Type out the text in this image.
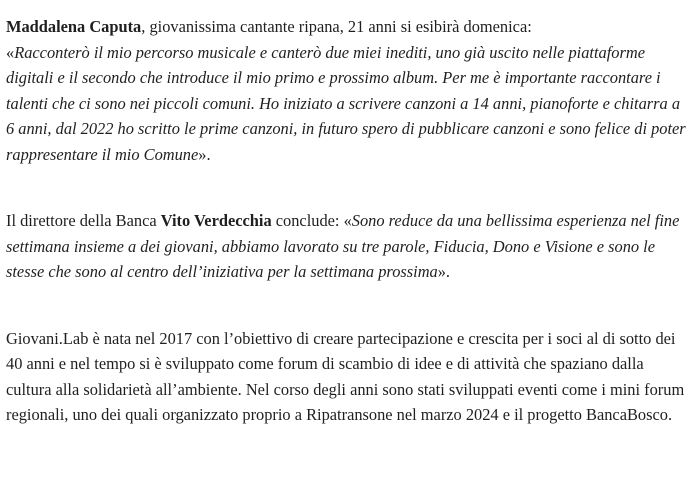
Maddalena Caputa, giovanissima cantante ripana, 21 anni si esibirà domenica:
«Racconterò il mio percorso musicale e canterò due miei inediti, uno già uscito nelle piattaforme digitali e il secondo che introduce il mio primo e prossimo album. Per me è importante raccontare i talenti che ci sono nei piccoli comuni. Ho iniziato a scrivere canzoni a 14 anni, pianoforte e chitarra a 6 anni, dal 2022 ho scritto le prime canzoni, in futuro spero di pubblicare canzoni e sono felice di poter rappresentare il mio Comune».

Il direttore della Banca Vito Verdecchia conclude: «Sono reduce da una bellissima esperienza nel fine settimana insieme a dei giovani, abbiamo lavorato su tre parole, Fiducia, Dono e Visione e sono le stesse che sono al centro dell’iniziativa per la settimana prossima».

Giovani.Lab è nata nel 2017 con l’obiettivo di creare partecipazione e crescita per i soci al di sotto dei 40 anni e nel tempo si è sviluppato come forum di scambio di idee e di attività che spaziano dalla cultura alla solidarietà all’ambiente. Nel corso degli anni sono stati sviluppati eventi come i mini forum regionali, uno dei quali organizzato proprio a Ripatransone nel marzo 2024 e il progetto BancaBosco.
